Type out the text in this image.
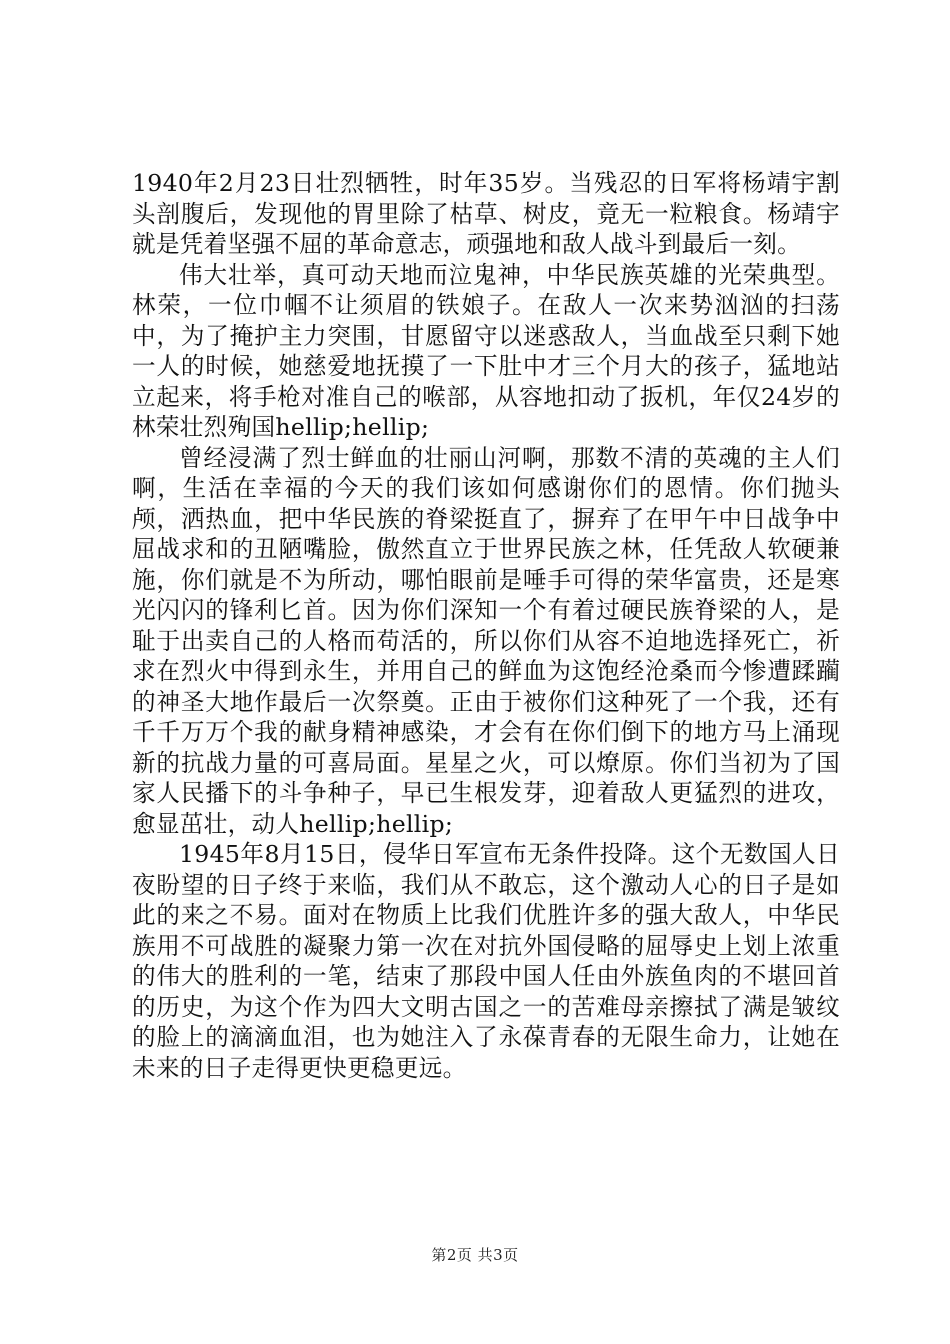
1940年2月23日壮烈牺牲，时年35岁。当残忍的日军将杨靖宇割头剖腹后，发现他的胃里除了枯草、树皮，竟无一粒粮食。杨靖宇就是凭着坚强不屈的革命意志，顽强地和敌人战斗到最后一刻。

伟大壮举，真可动天地而泣鬼神，中华民族英雄的光荣典型。林荣，一位巾帼不让须眉的铁娘子。在敌人一次来势汹汹的扫荡中，为了掩护主力突围，甘愿留守以迷惑敌人，当血战至只剩下她一人的时候，她慈爱地抚摸了一下肚中才三个月大的孩子，猛地站立起来，将手枪对准自己的喉部，从容地扣动了扳机，年仅24岁的林荣壮烈殉国hellip;hellip;

曾经浸满了烈士鲜血的壮丽山河啊，那数不清的英魂的主人们啊，生活在幸福的今天的我们该如何感谢你们的恩情。你们抛头颅，洒热血，把中华民族的脊梁挺直了，摒弃了在甲午中日战争中屈战求和的丑陋嘴脸，傲然直立于世界民族之林，任凭敌人软硬兼施，你们就是不为所动，哪怕眼前是唾手可得的荣华富贵，还是寒光闪闪的锋利匕首。因为你们深知一个有着过硬民族脊梁的人，是耻于出卖自己的人格而苟活的，所以你们从容不迫地选择死亡，祈求在烈火中得到永生，并用自己的鲜血为这饱经沧桑而今惨遭蹂躏的神圣大地作最后一次祭奠。正由于被你们这种死了一个我，还有千千万万个我的献身精神感染，才会有在你们倒下的地方马上涌现新的抗战力量的可喜局面。星星之火，可以燎原。你们当初为了国家人民播下的斗争种子，早已生根发芽，迎着敌人更猛烈的进攻，愈显茁壮，动人hellip;hellip;

1945年8月15日，侵华日军宣布无条件投降。这个无数国人日夜盼望的日子终于来临，我们从不敢忘，这个激动人心的日子是如此的来之不易。面对在物质上比我们优胜许多的强大敌人，中华民族用不可战胜的凝聚力第一次在对抗外国侵略的屈辱史上划上浓重的伟大的胜利的一笔，结束了那段中国人任由外族鱼肉的不堪回首的历史，为这个作为四大文明古国之一的苦难母亲擦拭了满是皱纹的脸上的滴滴血泪，也为她注入了永葆青春的无限生命力，让她在未来的日子走得更快更稳更远。

第2页 共3页
